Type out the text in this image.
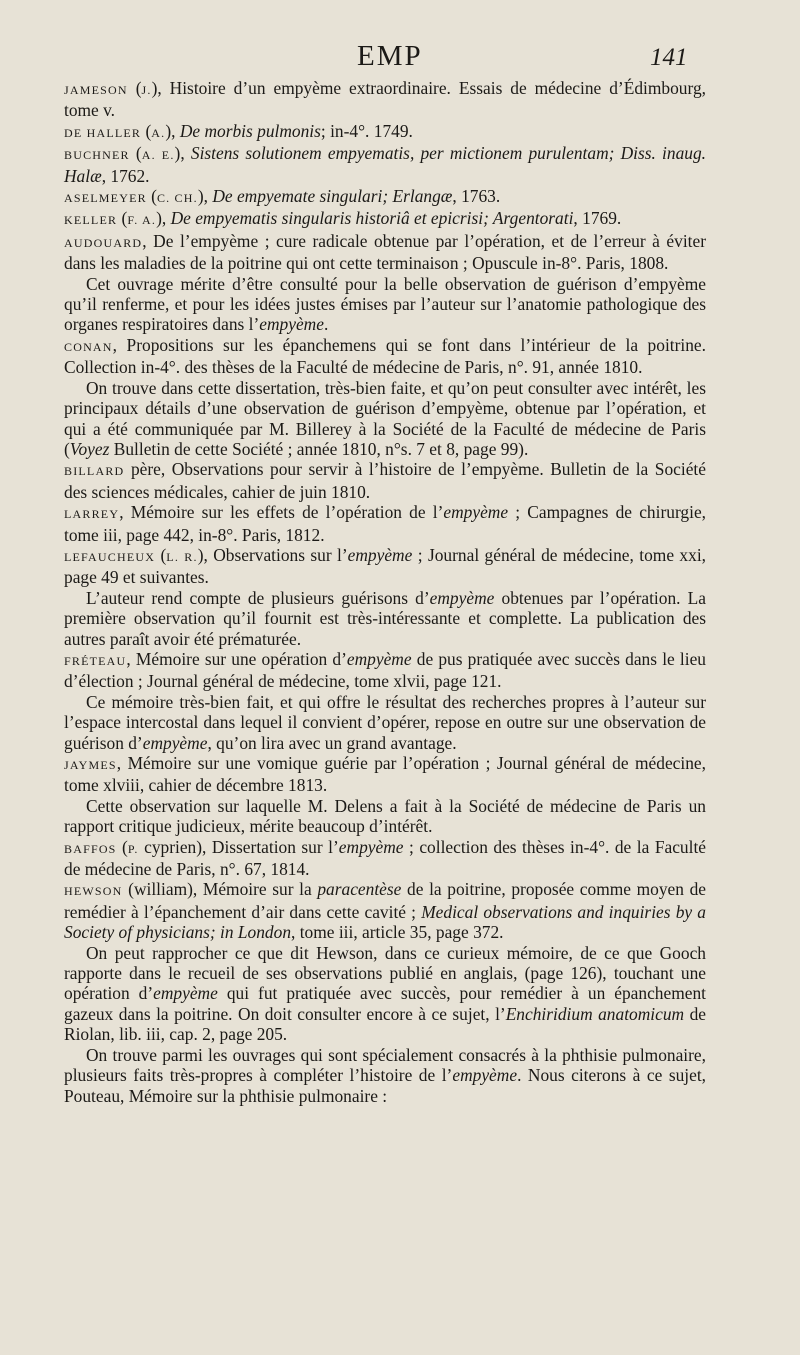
EMP	141

JAMESON (J.), Histoire d’un empyème extraordinaire. Essais de médecine d’Édimbourg, tome v.

DE HALLER (A.), De morbis pulmonis; in-4°. 1749.

BUCHNER (A. E.), Sistens solutionem empyematis, per mictionem purulentam; Diss. inaug. Halæ, 1762.

ASELMEYER (C. CH.), De empyemate singulari; Erlangæ, 1763.

KELLER (F. A.), De empyematis singularis historiâ et epicrisi; Argentorati, 1769.

AUDOUARD, De l’empyème ; cure radicale obtenue par l’opération, et de l’erreur à éviter dans les maladies de la poitrine qui ont cette terminaison ; Opuscule in-8°. Paris, 1808.

Cet ouvrage mérite d’être consulté pour la belle observation de guérison d’empyème qu’il renferme, et pour les idées justes émises par l’auteur sur l’anatomie pathologique des organes respiratoires dans l’empyème.

CONAN, Propositions sur les épanchemens qui se font dans l’intérieur de la poitrine. Collection in-4°. des thèses de la Faculté de médecine de Paris, n°. 91, année 1810.

On trouve dans cette dissertation, très-bien faite, et qu’on peut consulter avec intérêt, les principaux détails d’une observation de guérison d’empyème, obtenue par l’opération, et qui a été communiquée par M. Billerey à la Société de la Faculté de médecine de Paris (Voyez Bulletin de cette Société ; année 1810, n°s. 7 et 8, page 99).

BILLARD père, Observations pour servir à l’histoire de l’empyème. Bulletin de la Société des sciences médicales, cahier de juin 1810.

LARREY, Mémoire sur les effets de l’opération de l’empyème ; Campagnes de chirurgie, tome iii, page 442, in-8°. Paris, 1812.

LEFAUCHEUX (L. R.), Observations sur l’empyème ; Journal général de médecine, tome xxi, page 49 et suivantes.

L’auteur rend compte de plusieurs guérisons d’empyème obtenues par l’opération. La première observation qu’il fournit est très-intéressante et complette. La publication des autres paraît avoir été prématurée.

FRÉTEAU, Mémoire sur une opération d’empyème de pus pratiquée avec succès dans le lieu d’élection ; Journal général de médecine, tome xlvii, page 121.

Ce mémoire très-bien fait, et qui offre le résultat des recherches propres à l’auteur sur l’espace intercostal dans lequel il convient d’opérer, repose en outre sur une observation de guérison d’empyème, qu’on lira avec un grand avantage.

JAYMES, Mémoire sur une vomique guérie par l’opération ; Journal général de médecine, tome xlviii, cahier de décembre 1813.

Cette observation sur laquelle M. Delens a fait à la Société de médecine de Paris un rapport critique judicieux, mérite beaucoup d’intérêt.

BAFFOS (P. cyprien), Dissertation sur l’empyème ; collection des thèses in-4°. de la Faculté de médecine de Paris, n°. 67, 1814.

HEWSON (william), Mémoire sur la paracentèse de la poitrine, proposée comme moyen de remédier à l’épanchement d’air dans cette cavité ; Medical observations and inquiries by a Society of physicians; in London, tome iii, article 35, page 372.

On peut rapprocher ce que dit Hewson, dans ce curieux mémoire, de ce que Gooch rapporte dans le recueil de ses observations publié en anglais, (page 126), touchant une opération d’empyème qui fut pratiquée avec succès, pour remédier à un épanchement gazeux dans la poitrine. On doit consulter encore à ce sujet, l’Enchiridium anatomicum de Riolan, lib. iii, cap. 2, page 205.

On trouve parmi les ouvrages qui sont spécialement consacrés à la phthisie pulmonaire, plusieurs faits très-propres à compléter l’histoire de l’empyème. Nous citerons à ce sujet, Pouteau, Mémoire sur la phthisie pulmonaire :
